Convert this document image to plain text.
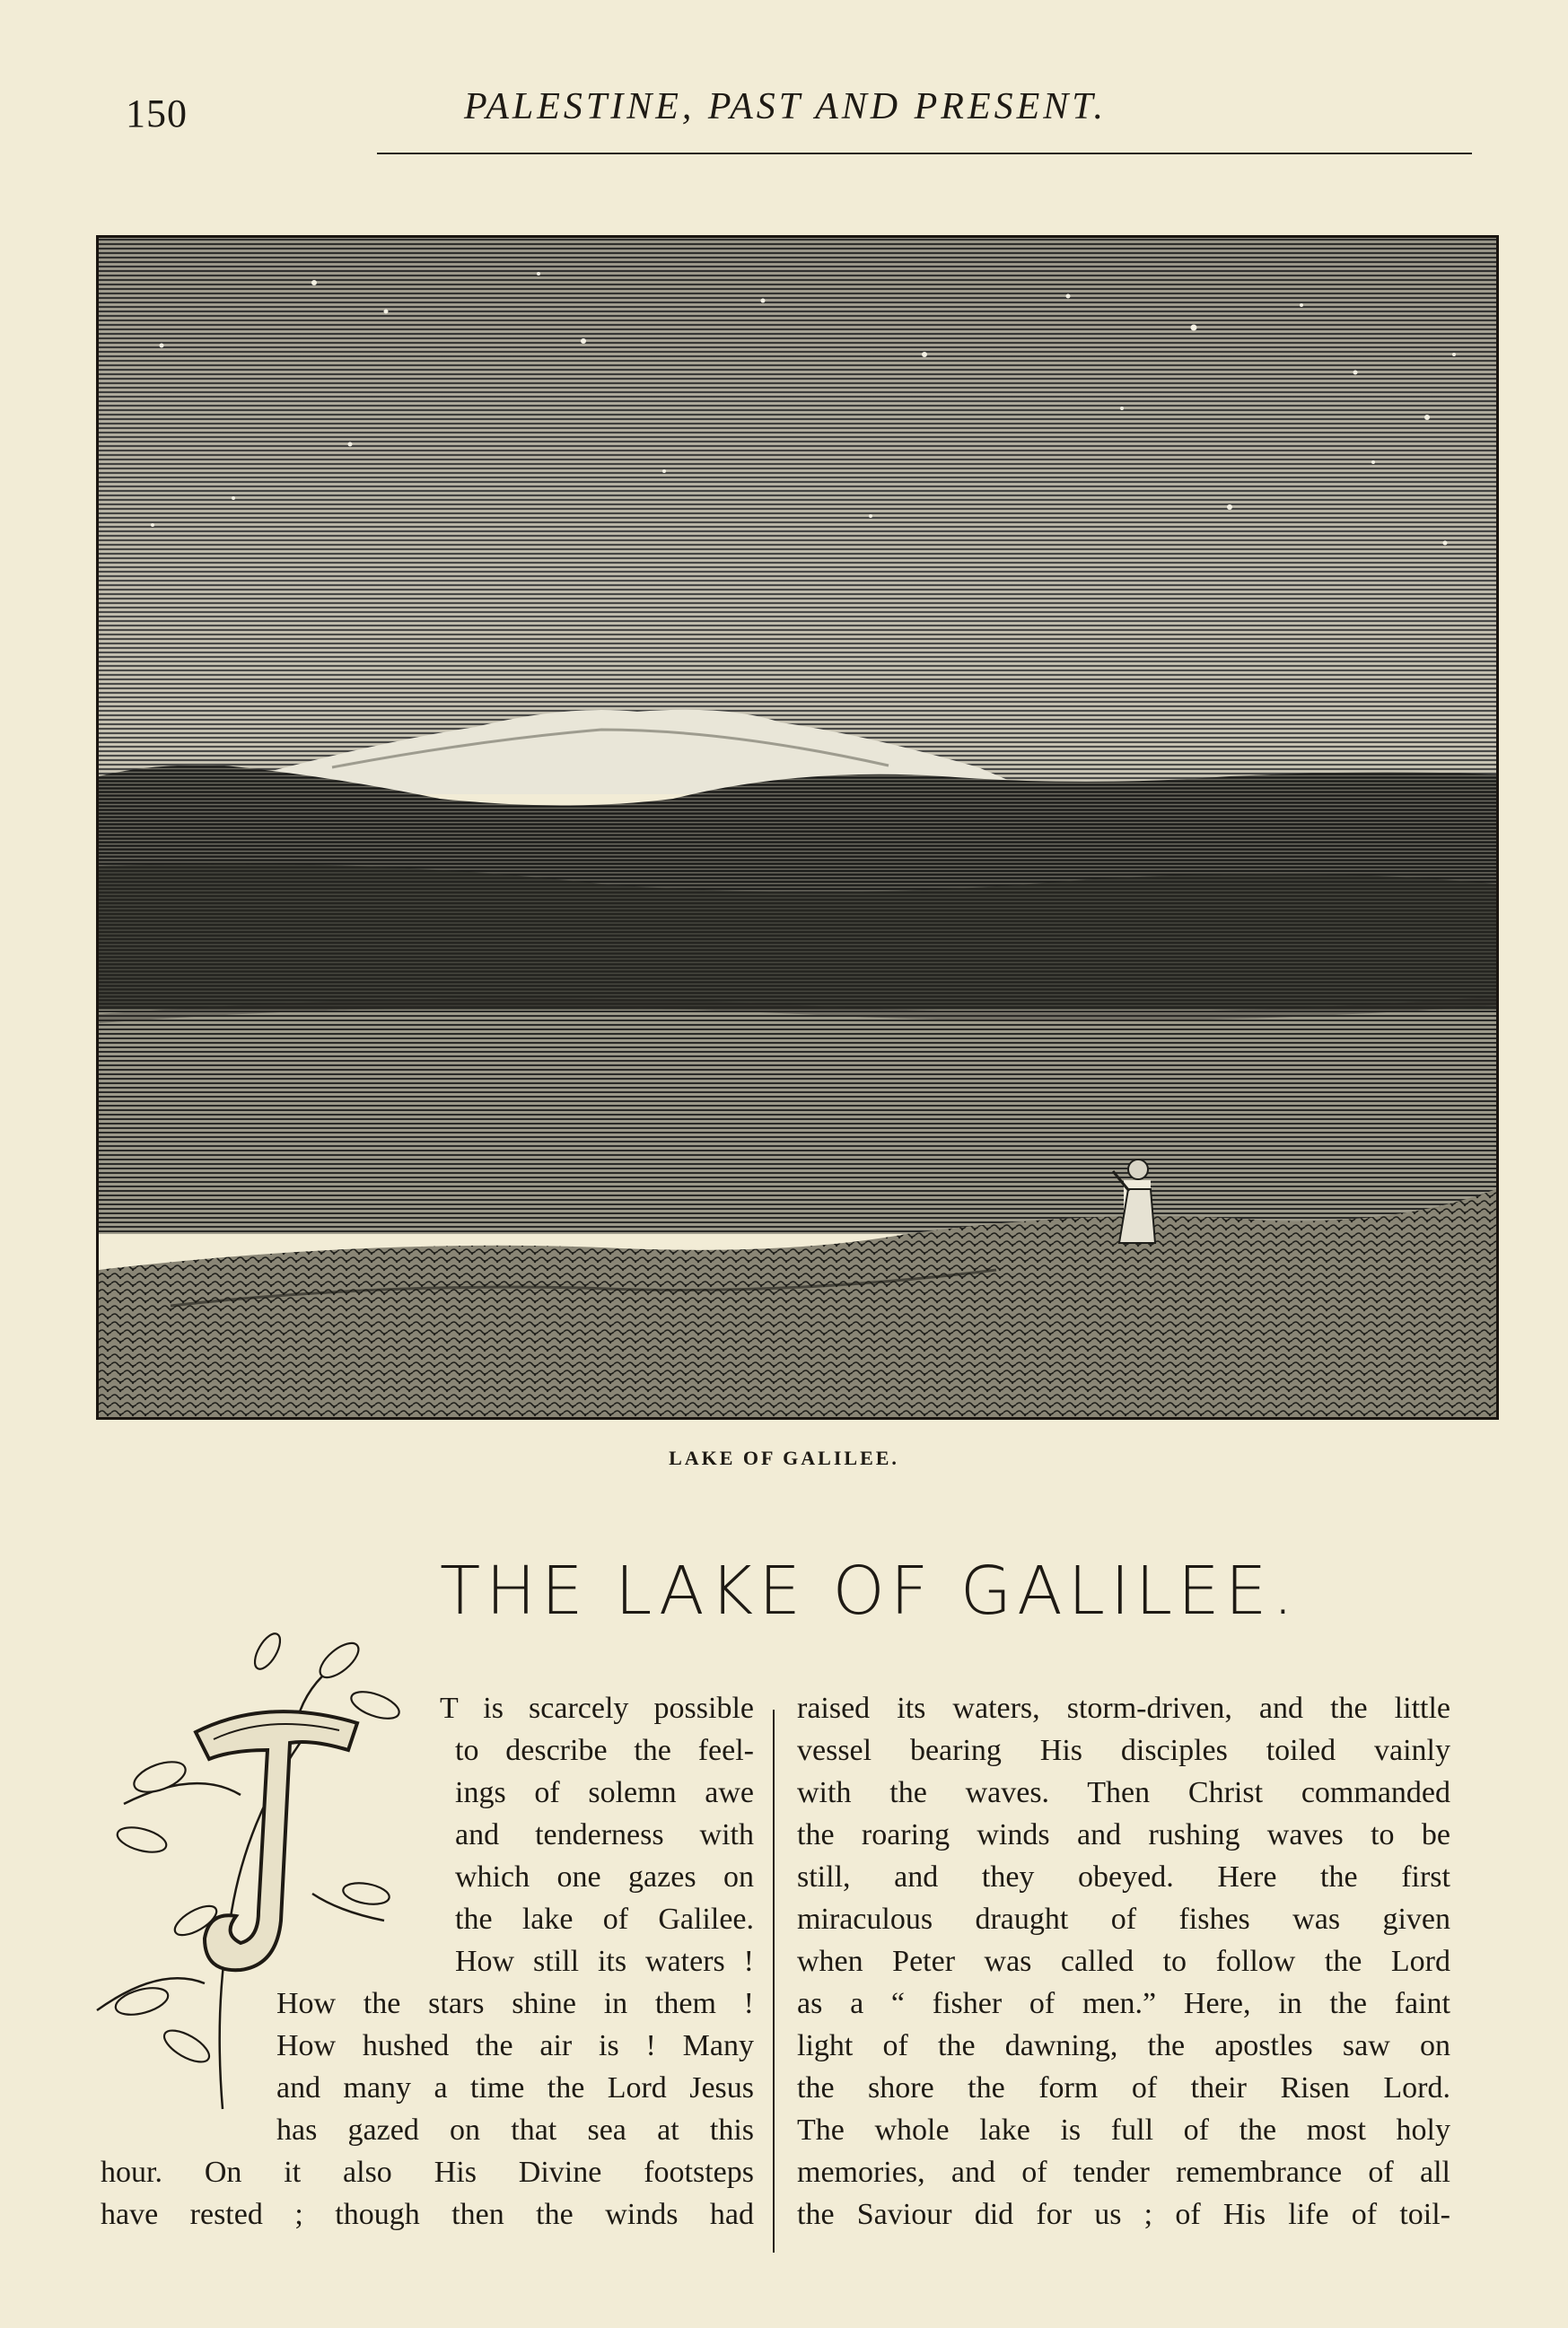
150	PALESTINE, PAST AND PRESENT.
LAKE OF GALILEE.
THE LAKE OF GALILEE.
T is scarcely possible
to describe the feel-
ings of solemn awe
and tenderness with
which one gazes on
the lake of Galilee.
How still its waters !
How the stars shine in them !
How hushed the air is ! Many
and many a time the Lord Jesus
has gazed on that sea at this
hour. On it also His Divine footsteps
have rested ; though then the winds had
raised its waters, storm-driven, and the little
vessel bearing His disciples toiled vainly
with the waves. Then Christ commanded
the roaring winds and rushing waves to be
still, and they obeyed. Here the first
miraculous draught of fishes was given
when Peter was called to follow the Lord
as a “ fisher of men.” Here, in the faint
light of the dawning, the apostles saw on
the shore the form of their Risen Lord.
The whole lake is full of the most holy
memories, and of tender remembrance of all
the Saviour did for us ; of His life of toil-
